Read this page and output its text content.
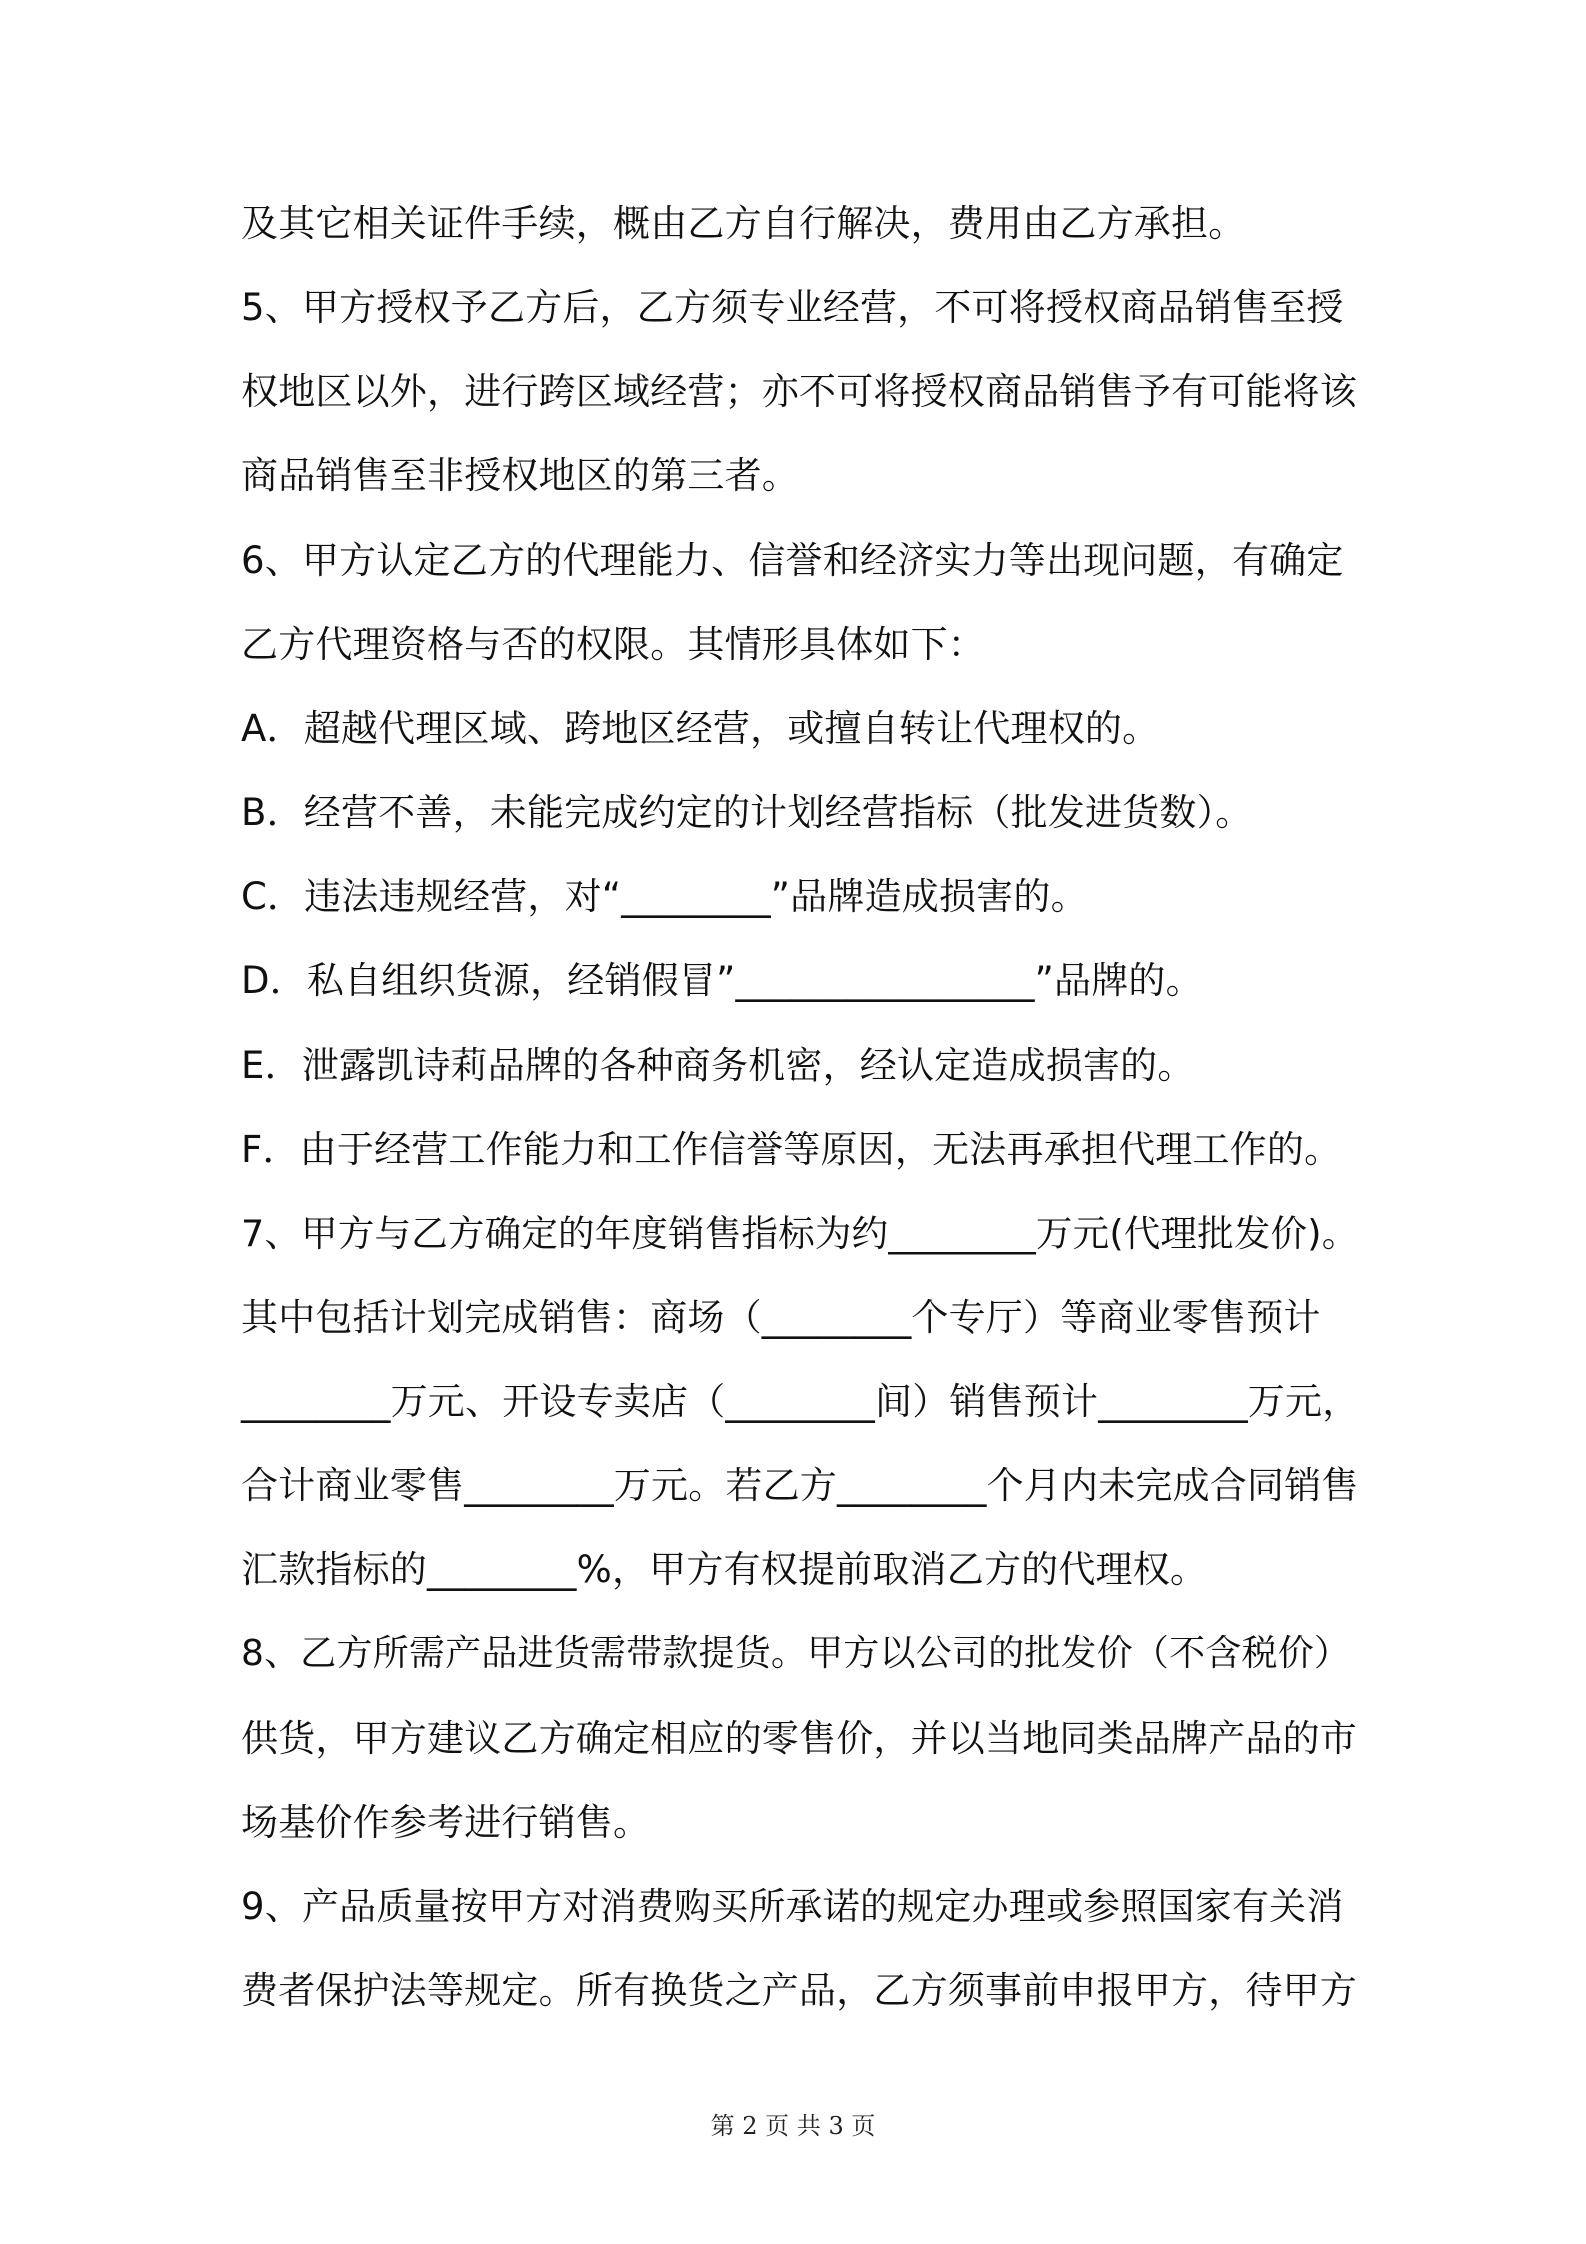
及其它相关证件手续，概由乙方自行解决，费用由乙方承担。
5、甲方授权予乙方后，乙方须专业经营，不可将授权商品销售至授
权地区以外，进行跨区域经营；亦不可将授权商品销售予有可能将该
商品销售至非授权地区的第三者。
6、甲方认定乙方的代理能力、信誉和经济实力等出现问题，有确定
乙方代理资格与否的权限。其情形具体如下：
A．超越代理区域、跨地区经营，或擅自转让代理权的。
B．经营不善，未能完成约定的计划经营指标（批发进货数）。
C．违法违规经营，对“________”品牌造成损害的。
D．私自组织货源，经销假冒”________________”品牌的。
E．泄露凯诗莉品牌的各种商务机密，经认定造成损害的。
F．由于经营工作能力和工作信誉等原因，无法再承担代理工作的。
7、甲方与乙方确定的年度销售指标为约________万元(代理批发价)。
其中包括计划完成销售：商场（________个专厅）等商业零售预计
________万元、开设专卖店（________间）销售预计________万元，
合计商业零售________万元。若乙方________个月内未完成合同销售
汇款指标的________%，甲方有权提前取消乙方的代理权。
8、乙方所需产品进货需带款提货。甲方以公司的批发价（不含税价）
供货，甲方建议乙方确定相应的零售价，并以当地同类品牌产品的市
场基价作参考进行销售。
9、产品质量按甲方对消费购买所承诺的规定办理或参照国家有关消
费者保护法等规定。所有换货之产品，乙方须事前申报甲方，待甲方
第 2 页 共 3 页
